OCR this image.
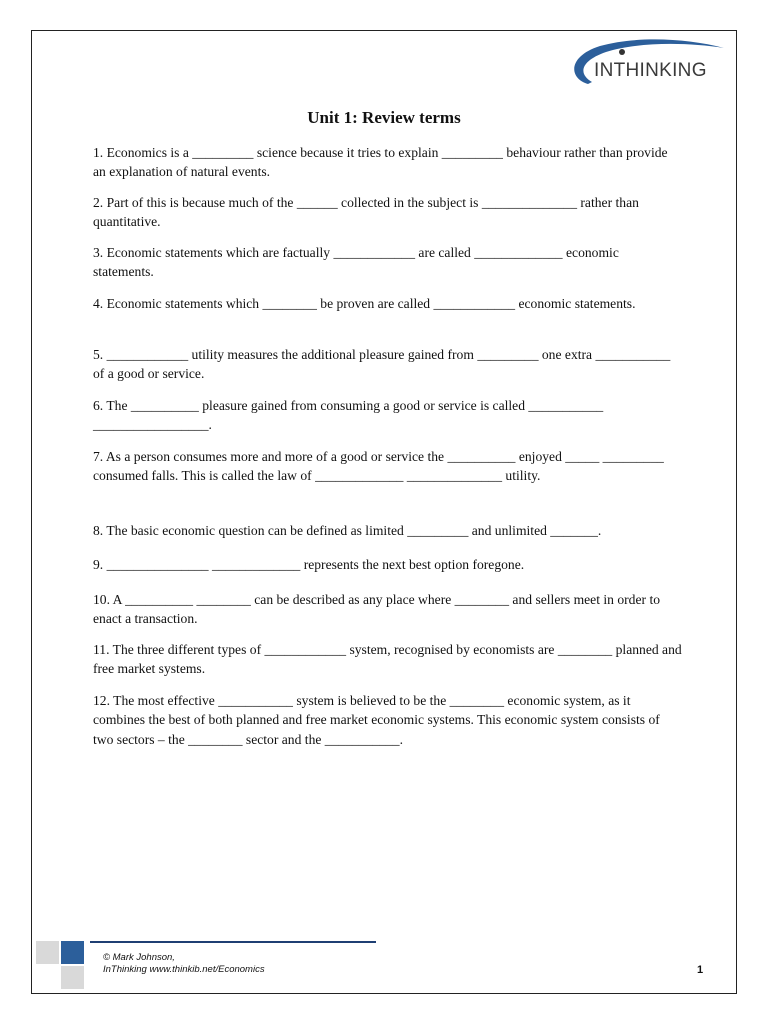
INTHINKING
Unit 1: Review terms
1. Economics is a _________ science because it tries to explain _________ behaviour rather than provide an explanation of natural events.
2. Part of this is because much of the ______ collected in the subject is ______________ rather than quantitative.
3. Economic statements which are factually ____________ are called _____________ economic statements.
4. Economic statements which ________ be proven are called ____________ economic statements.
5. ____________ utility measures the additional pleasure gained from _________ one extra ___________ of a good or service.
6. The __________ pleasure gained from consuming a good or service is called ___________ _________________.
7. As a person consumes more and more of a good or service the __________ enjoyed _____ _________ consumed falls. This is called the law of _____________ ______________ utility.
8. The basic economic question can be defined as limited _________ and unlimited _______.
9. _______________ _____________ represents the next best option foregone.
10. A __________ ________ can be described as any place where ________ and sellers meet in order to enact a transaction.
11. The three different types of ____________ system, recognised by economists are ________ planned and free market systems.
12. The most effective ___________ system is believed to be the ________ economic system, as it combines the best of both planned and free market economic systems. This economic system consists of two sectors – the ________ sector and the ___________.
© Mark Johnson,
InThinking www.thinkib.net/Economics	1
